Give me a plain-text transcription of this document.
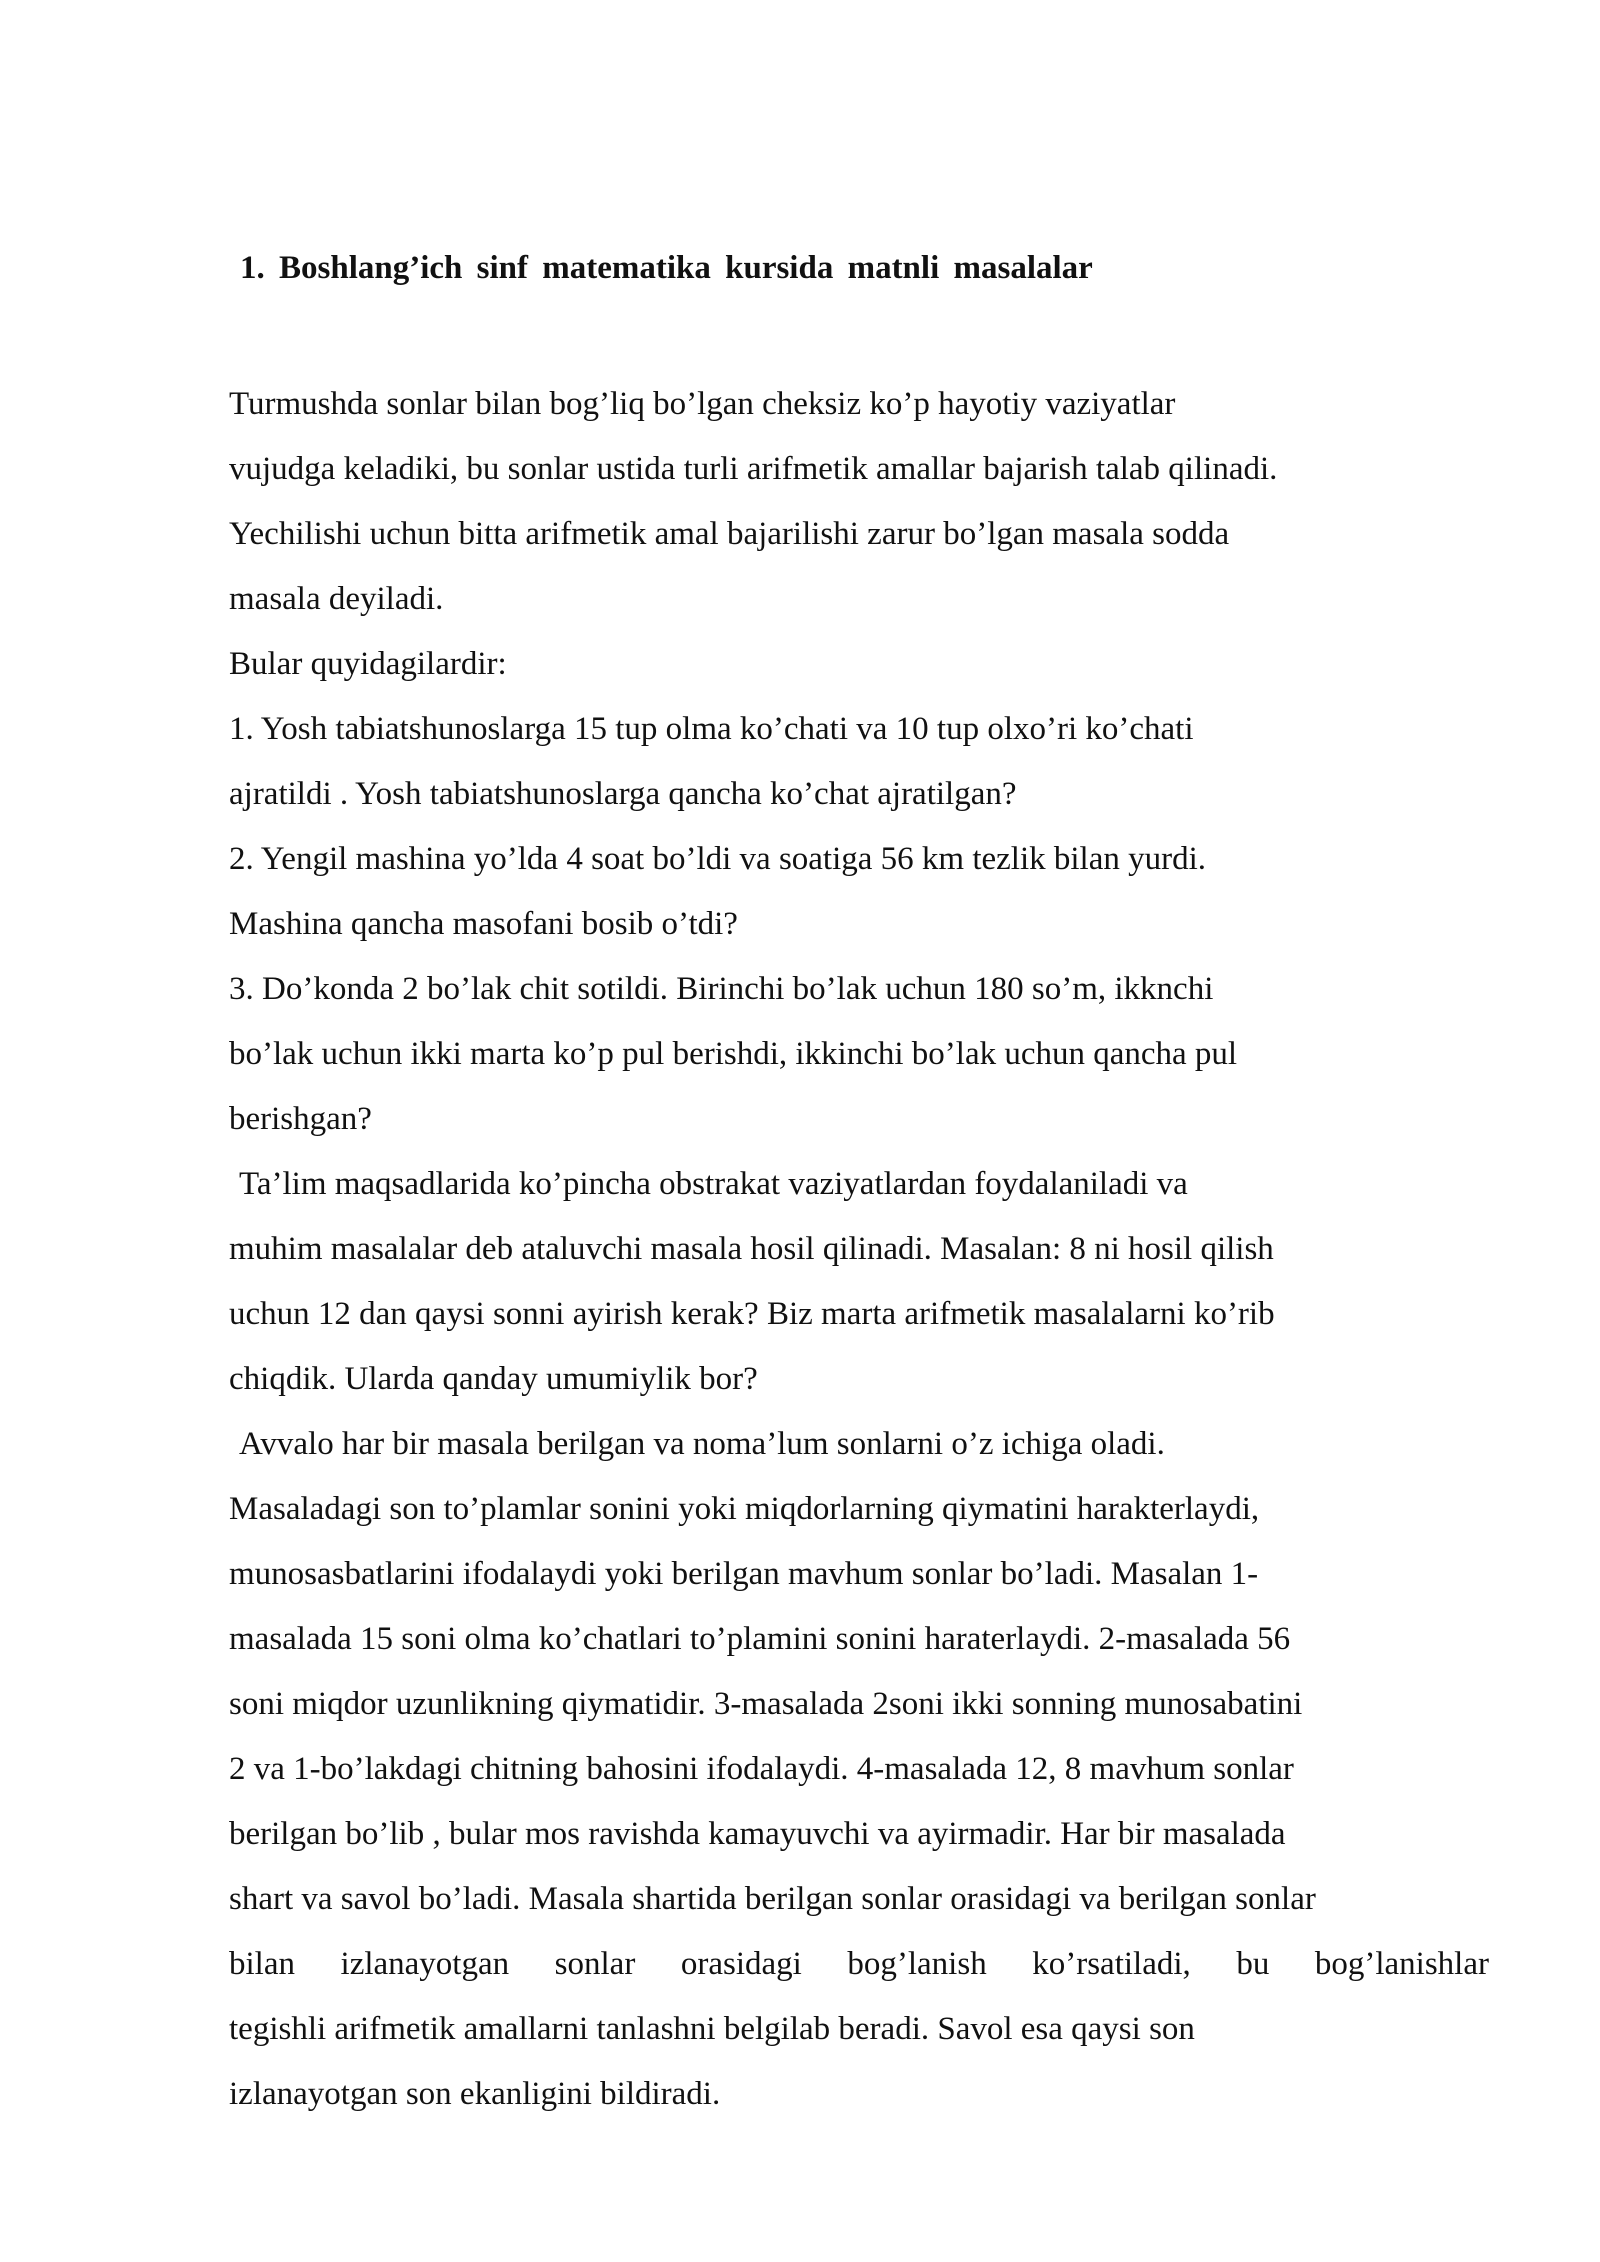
1. Boshlang’ich sinf matematika kursida matnli masalalar
Turmushda sonlar bilan bog’liq bo’lgan cheksiz ko’p hayotiy vaziyatlar
vujudga keladiki, bu sonlar ustida turli arifmetik amallar bajarish talab qilinadi.
Yechilishi uchun bitta arifmetik amal bajarilishi zarur bo’lgan masala sodda
masala deyiladi.
Bular quyidagilardir:
1. Yosh tabiatshunoslarga 15 tup olma ko’chati va 10 tup olxo’ri ko’chati
ajratildi . Yosh tabiatshunoslarga qancha ko’chat ajratilgan?
2. Yengil mashina yo’lda 4 soat bo’ldi va soatiga 56 km tezlik bilan yurdi.
Mashina qancha masofani bosib o’tdi?
3. Do’konda 2 bo’lak chit sotildi. Birinchi bo’lak uchun 180 so’m, ikknchi
bo’lak uchun ikki marta ko’p pul berishdi, ikkinchi bo’lak uchun qancha pul
berishgan?
Ta’lim maqsadlarida ko’pincha obstrakat vaziyatlardan foydalaniladi va
muhim masalalar deb ataluvchi masala hosil qilinadi. Masalan: 8 ni hosil qilish
uchun 12 dan qaysi sonni ayirish kerak? Biz marta arifmetik masalalarni ko’rib
chiqdik. Ularda qanday umumiylik bor?
Avvalo har bir masala berilgan va noma’lum sonlarni o’z ichiga oladi.
Masaladagi son to’plamlar sonini yoki miqdorlarning qiymatini harakterlaydi,
munosasbatlarini ifodalaydi yoki berilgan mavhum sonlar bo’ladi. Masalan 1-
masalada 15 soni olma ko’chatlari to’plamini sonini haraterlaydi. 2-masalada 56
soni miqdor uzunlikning qiymatidir. 3-masalada 2soni ikki sonning munosabatini
2 va 1-bo’lakdagi chitning bahosini ifodalaydi. 4-masalada 12, 8 mavhum sonlar
berilgan bo’lib , bular mos ravishda kamayuvchi va ayirmadir. Har bir masalada
shart va savol bo’ladi. Masala shartida berilgan sonlar orasidagi va berilgan sonlar
bilan izlanayotgan sonlar orasidagi bog’lanish ko’rsatiladi, bu bog’lanishlar
tegishli arifmetik amallarni tanlashni belgilab beradi. Savol esa qaysi son
izlanayotgan son ekanligini bildiradi.
